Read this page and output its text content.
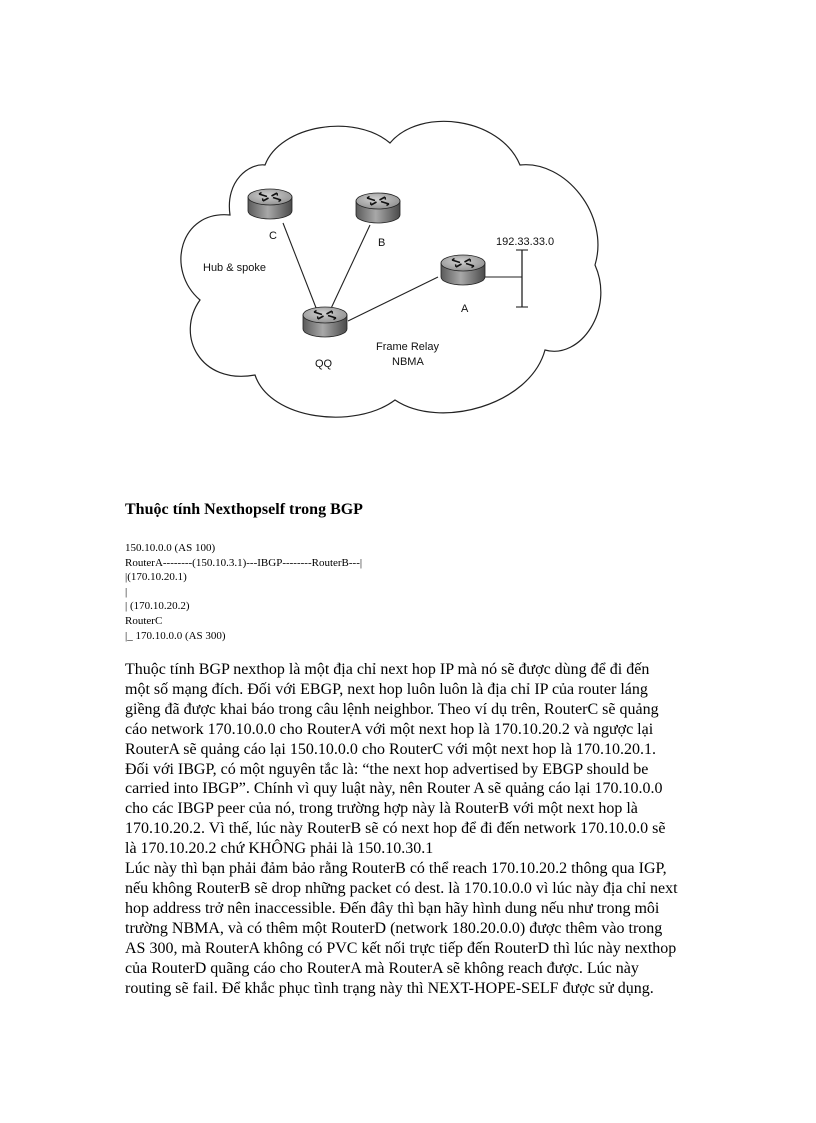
C
B
A
QQ
192.33.33.0
Hub & spoke
Frame Relay
NBMA
Thuộc tính Nexthopself trong BGP
150.10.0.0 (AS 100)
RouterA--------(150.10.3.1)---IBGP--------RouterB---|
|(170.10.20.1)
|
| (170.10.20.2)
RouterC
|_ 170.10.0.0 (AS 300)
Thuộc tính BGP nexthop là một địa chỉ next hop IP mà nó sẽ được dùng để đi đến
một số mạng đích. Đối với EBGP, next hop luôn luôn là địa chỉ IP của router láng
giềng đã được khai báo trong câu lệnh neighbor. Theo ví dụ trên, RouterC sẽ quảng
cáo network 170.10.0.0 cho RouterA với một next hop là 170.10.20.2 và ngược lại
RouterA sẽ quảng cáo lại 150.10.0.0 cho RouterC với một next hop là 170.10.20.1.
Đối với IBGP, có một nguyên tắc là: “the next hop advertised by EBGP should be
carried into IBGP”. Chính vì quy luật này, nên Router A sẽ quảng cáo lại 170.10.0.0
cho các IBGP peer của nó, trong trường hợp này là RouterB với một next hop là
170.10.20.2. Vì thế, lúc này RouterB sẽ có next hop để đi đến network 170.10.0.0 sẽ
là 170.10.20.2 chứ KHÔNG phải là 150.10.30.1
Lúc này thì bạn phải đảm bảo rằng RouterB có thể reach 170.10.20.2 thông qua IGP,
nếu không RouterB sẽ drop những packet có dest. là 170.10.0.0 vì lúc này địa chỉ next
hop address trở nên inaccessible. Đến đây thì bạn hãy hình dung nếu như trong môi
trường NBMA, và có thêm một RouterD (network 180.20.0.0) được thêm vào trong
AS 300, mà RouterA không có PVC kết nối trực tiếp đến RouterD thì lúc này nexthop
của RouterD quãng cáo cho RouterA mà RouterA sẽ không reach được. Lúc này
routing sẽ fail. Để khắc phục tình trạng này thì NEXT-HOPE-SELF được sử dụng.
